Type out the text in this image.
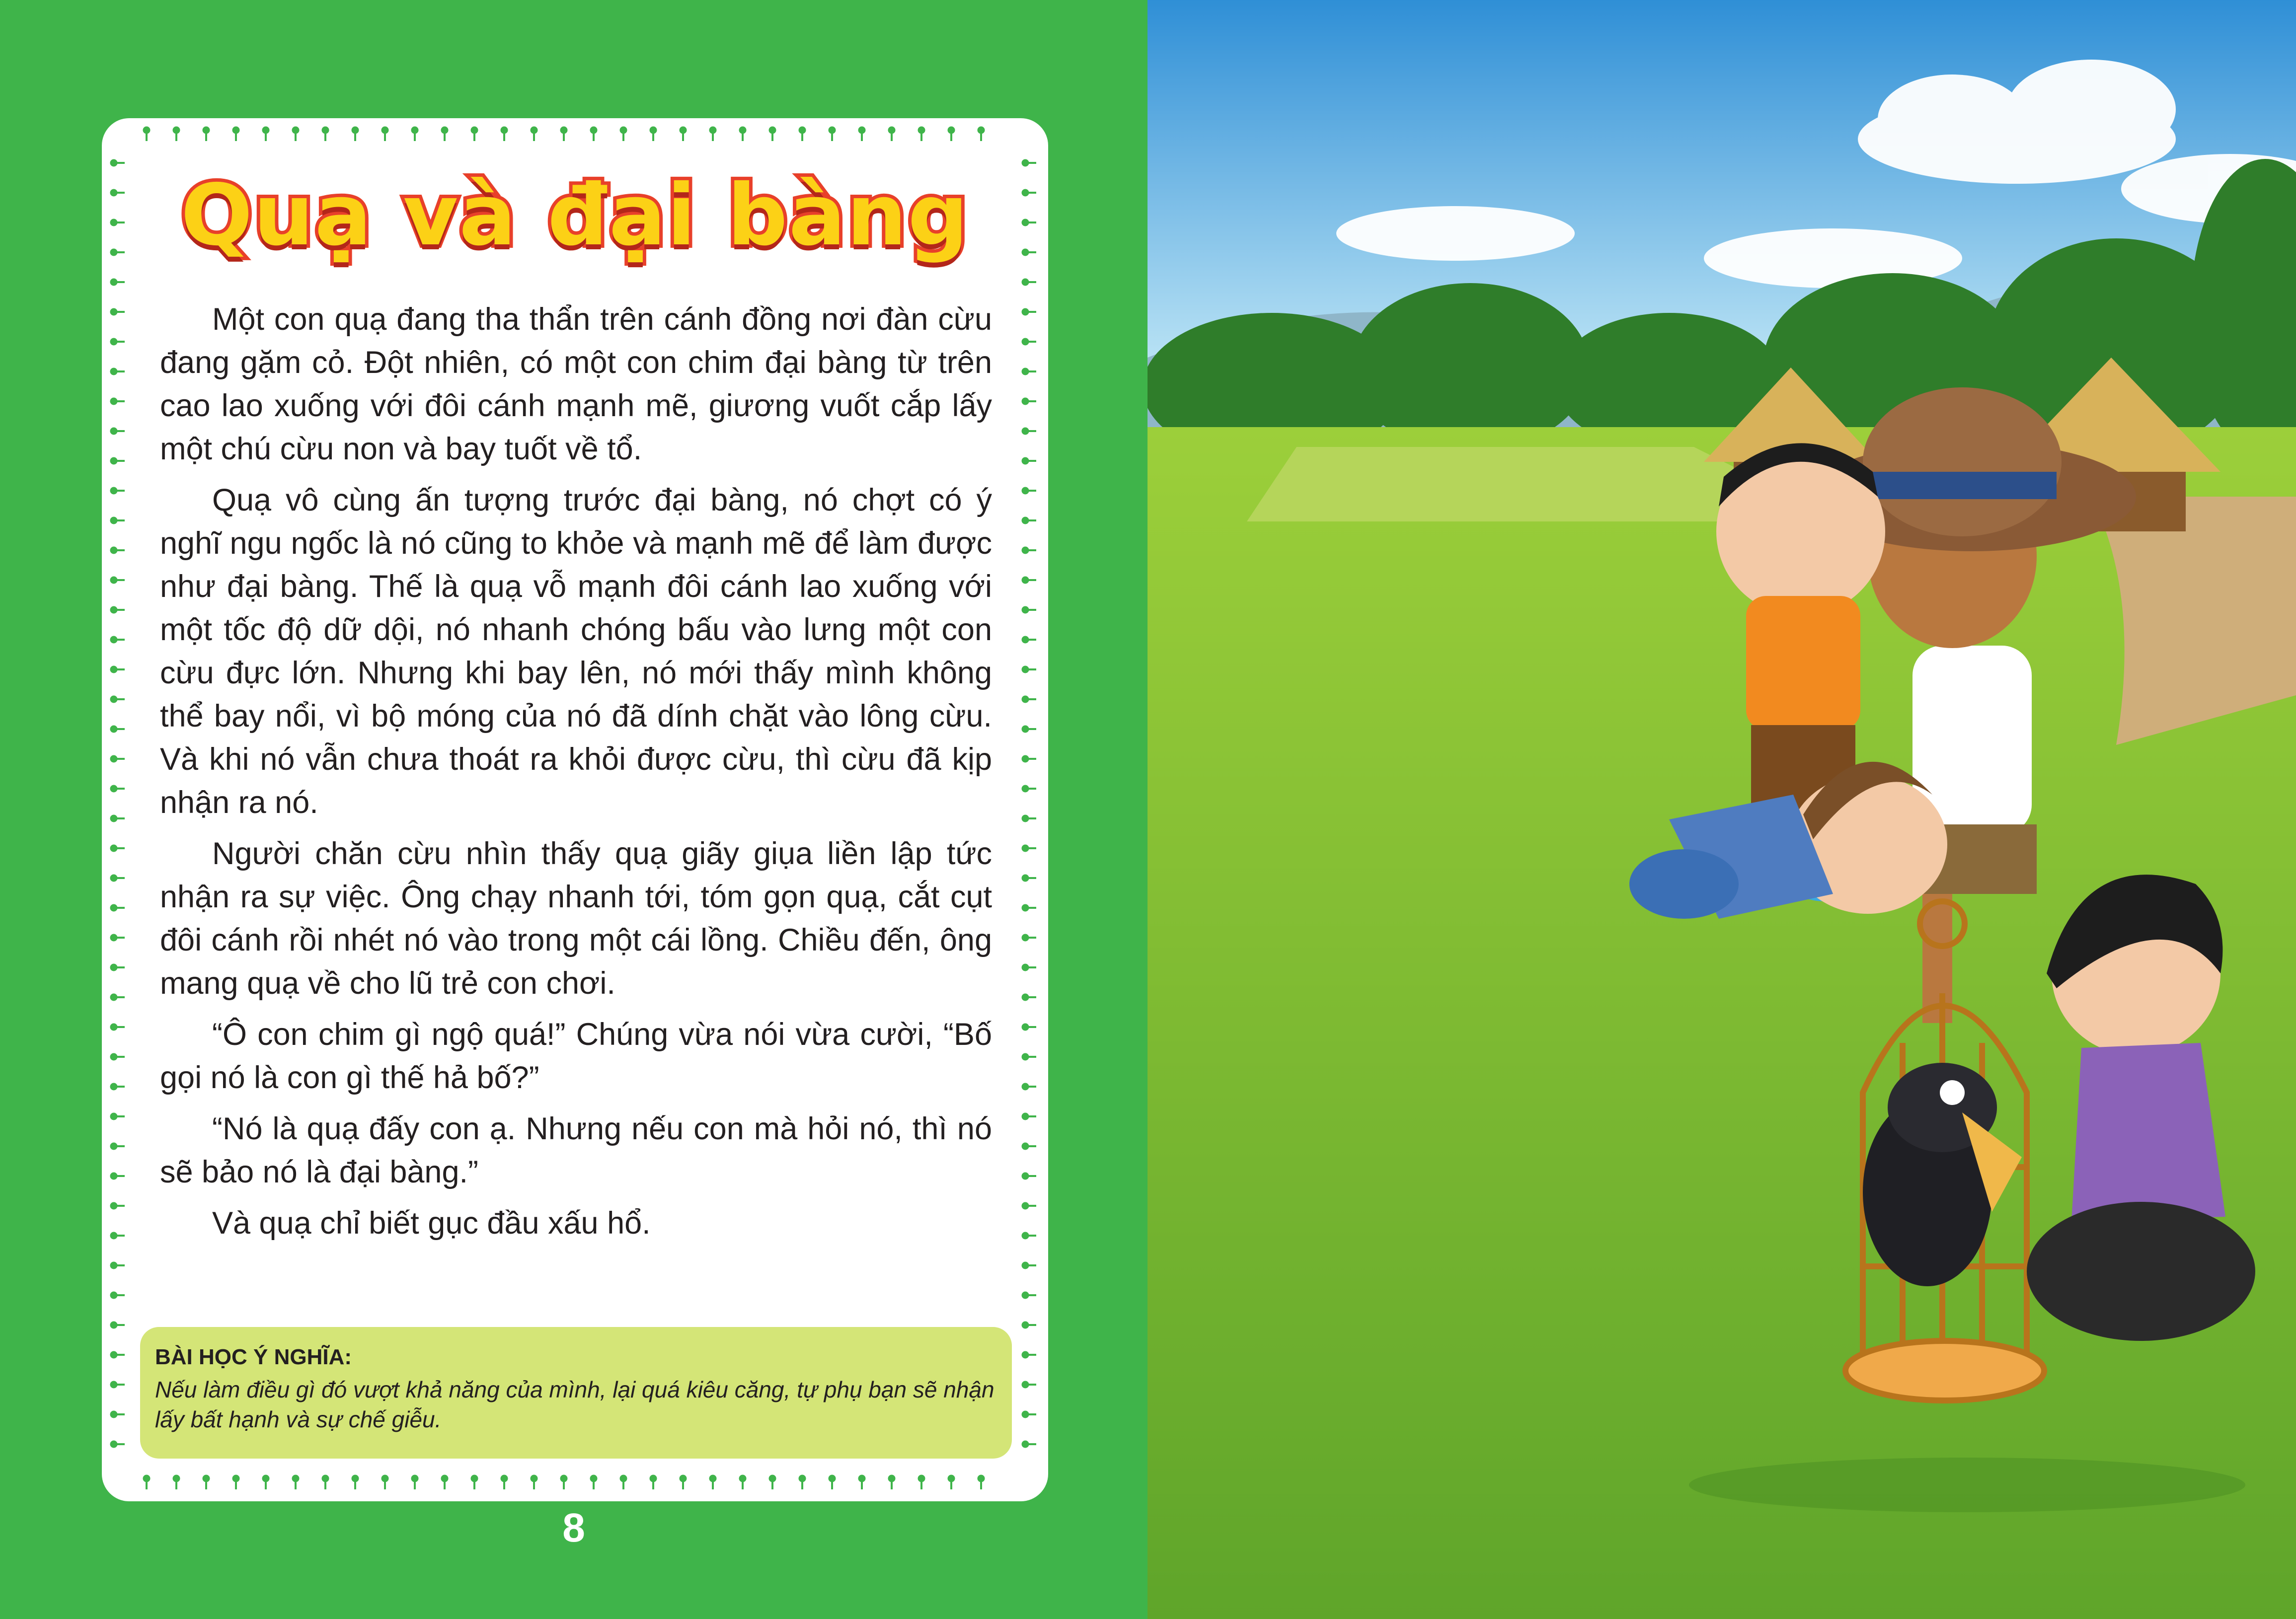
Quạ và đại bàng

Một con quạ đang tha thẩn trên cánh đồng nơi đàn cừu đang gặm cỏ. Đột nhiên, có một con chim đại bàng từ trên cao lao xuống với đôi cánh mạnh mẽ, giương vuốt cắp lấy một chú cừu non và bay tuốt về tổ.

Quạ vô cùng ấn tượng trước đại bàng, nó chợt có ý nghĩ ngu ngốc là nó cũng to khỏe và mạnh mẽ để làm được như đại bàng. Thế là quạ vỗ mạnh đôi cánh lao xuống với một tốc độ dữ dội, nó nhanh chóng bấu vào lưng một con cừu đực lớn. Nhưng khi bay lên, nó mới thấy mình không thể bay nổi, vì bộ móng của nó đã dính chặt vào lông cừu. Và khi nó vẫn chưa thoát ra khỏi được cừu, thì cừu đã kịp nhận ra nó.

Người chăn cừu nhìn thấy quạ giãy giụa liền lập tức nhận ra sự việc. Ông chạy nhanh tới, tóm gọn quạ, cắt cụt đôi cánh rồi nhét nó vào trong một cái lồng. Chiều đến, ông mang quạ về cho lũ trẻ con chơi.

“Ô con chim gì ngộ quá!” Chúng vừa nói vừa cười, “Bố gọi nó là con gì thế hả bố?”

“Nó là quạ đấy con ạ. Nhưng nếu con mà hỏi nó, thì nó sẽ bảo nó là đại bàng.”

Và quạ chỉ biết gục đầu xấu hổ.

BÀI HỌC Ý NGHĨA:
Nếu làm điều gì đó vượt khả năng của mình, lại quá kiêu căng, tự phụ bạn sẽ nhận lấy bất hạnh và sự chế giễu.
8
